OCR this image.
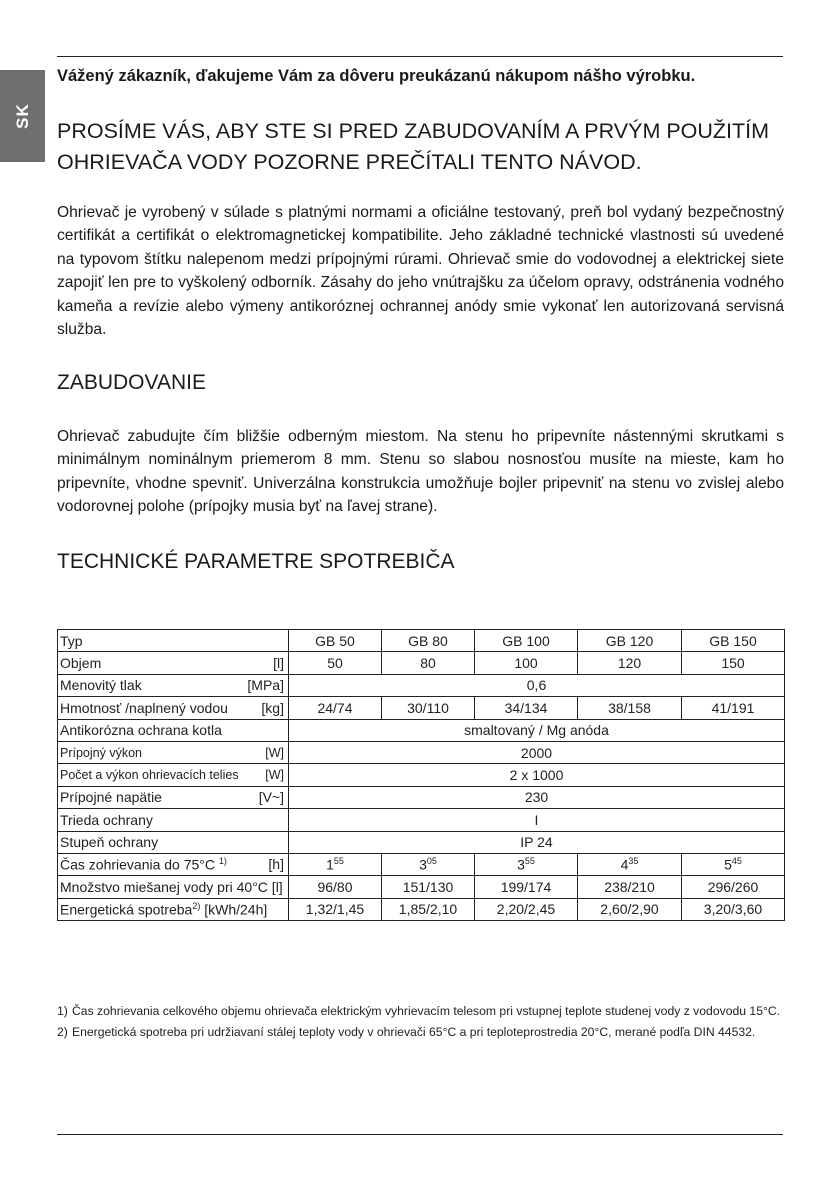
SK
Vážený zákazník, ďakujeme Vám za dôveru preukázanú nákupom nášho výrobku.
PROSÍME VÁS, ABY STE SI PRED ZABUDOVANÍM A PRVÝM POUŽITÍM
OHRIEVAČA VODY POZORNE PREČÍTALI TENTO NÁVOD.
Ohrievač je vyrobený v súlade s platnými normami a oficiálne testovaný, preň bol vydaný bezpečnostný certifikát a certifikát o elektromagnetickej kompatibilite. Jeho základné technické vlastnosti sú uvedené na typovom štítku nalepenom medzi prípojnými rúrami. Ohrievač smie do vodovodnej a elektrickej siete zapojiť len pre to vyškolený odborník. Zásahy do jeho vnútrajšku za účelom opravy, odstránenia vodného kameňa a revízie alebo výmeny antikoróznej ochrannej anódy smie vykonať len autorizovaná servisná služba.
ZABUDOVANIE
Ohrievač zabudujte čím bližšie odberným miestom. Na stenu ho pripevníte nástennými skrutkami s minimálnym nominálnym priemerom 8 mm. Stenu so slabou nosnosťou musíte na mieste, kam ho pripevníte, vhodne spevniť. Univerzálna konstrukcia umožňuje bojler pripevniť na stenu vo zvislej alebo vodorovnej polohe (prípojky musia byť na ľavej strane).
TECHNICKÉ PARAMETRE SPOTREBIČA
Typ	GB 50	GB 80	GB 100	GB 120	GB 150

Objem [l]	50	80	100	120	150

Menovitý tlak [MPa]	0,6				

Hmotnosť /naplnený vodou [kg]	24/74	30/110	34/134	38/158	41/191
Antikorózna ochrana kotla	smaltovaný / Mg anóda				

Prípojný výkon [W]	2000				

Počet a výkon ohrievacích telies [W]	2 x 1000				

Prípojné napätie [V~]	230				
Trieda ochrany	I				
Stupeň ochrany	IP 24				

Čas zohrievania do 75°C $^{1)}$ [h]	$1^{55}$	$3^{05}$	$3^{55}$	$4^{35}$	$5^{45}$
Množstvo miešanej vody pri 40°C [l]	96/80	151/130	199/174	238/210	296/260
Energetická spotreba$^{2)}$ [kWh/24h]	1,32/1,45	1,85/2,10	2,20/2,45	2,60/2,90	3,20/3,60
1) Čas zohrievania celkového objemu ohrievača elektrickým vyhrievacím telesom pri vstupnej teplote studenej vody z vodovodu 15°C.
2) Energetická spotreba pri udržiavaní stálej teploty vody v ohrievači 65°C a pri teploteprostredia 20°C, merané podľa DIN 44532.
